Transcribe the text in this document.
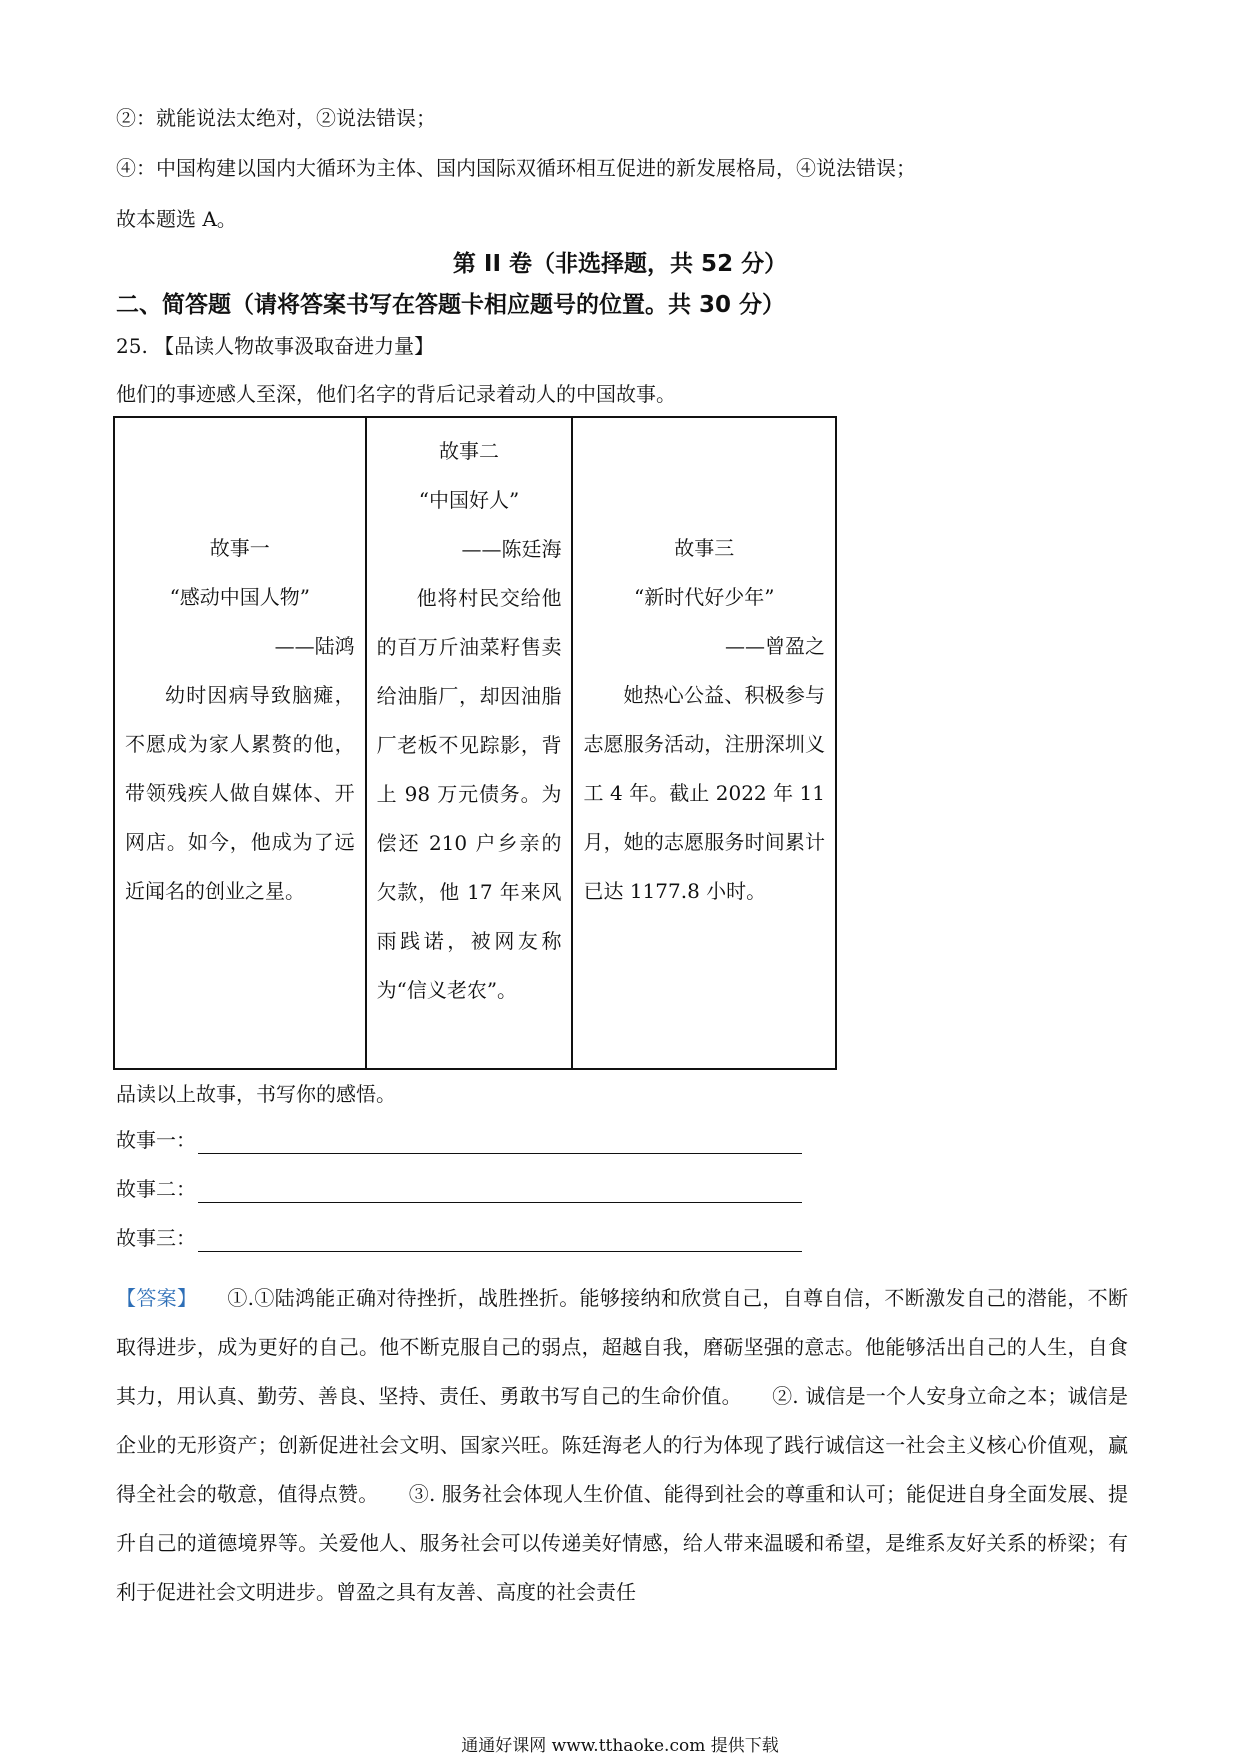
②：就能说法太绝对，②说法错误；
④：中国构建以国内大循环为主体、国内国际双循环相互促进的新发展格局，④说法错误；
故本题选 A。
第 II 卷（非选择题，共 52 分）
二、简答题（请将答案书写在答题卡相应题号的位置。共 30 分）
25. 【品读人物故事汲取奋进力量】
他们的事迹感人至深，他们名字的背后记录着动人的中国故事。
故事一
“感动中国人物”
——陆鸿
幼时因病导致脑瘫，不愿成为家人累赘的他，带领残疾人做自媒体、开网店。如今，他成为了远近闻名的创业之星。
故事二
“中国好人”
——陈廷海
他将村民交给他的百万斤油菜籽售卖给油脂厂，却因油脂厂老板不见踪影，背上 98 万元债务。为偿还 210 户乡亲的欠款，他 17 年来风雨践诺，被网友称为“信义老农”。
故事三
“新时代好少年”
——曾盈之
她热心公益、积极参与志愿服务活动，注册深圳义工 4 年。截止 2022 年 11 月，她的志愿服务时间累计已达 1177.8 小时。
品读以上故事，书写你的感悟。
故事一：
故事二：
故事三：
【答案】 ①.①陆鸿能正确对待挫折，战胜挫折。能够接纳和欣赏自己，自尊自信，不断激发自己的潜能，不断取得进步，成为更好的自己。他不断克服自己的弱点，超越自我，磨砺坚强的意志。他能够活出自己的人生，自食其力，用认真、勤劳、善良、坚持、责任、勇敢书写自己的生命价值。　　②. 诚信是一个人安身立命之本；诚信是企业的无形资产；创新促进社会文明、国家兴旺。陈廷海老人的行为体现了践行诚信这一社会主义核心价值观，赢得全社会的敬意，值得点赞。　　③. 服务社会体现人生价值、能得到社会的尊重和认可；能促进自身全面发展、提升自己的道德境界等。关爱他人、服务社会可以传递美好情感，给人带来温暖和希望，是维系友好关系的桥梁；有利于促进社会文明进步。曾盈之具有友善、高度的社会责任
通通好课网 www.tthaoke.com 提供下载
